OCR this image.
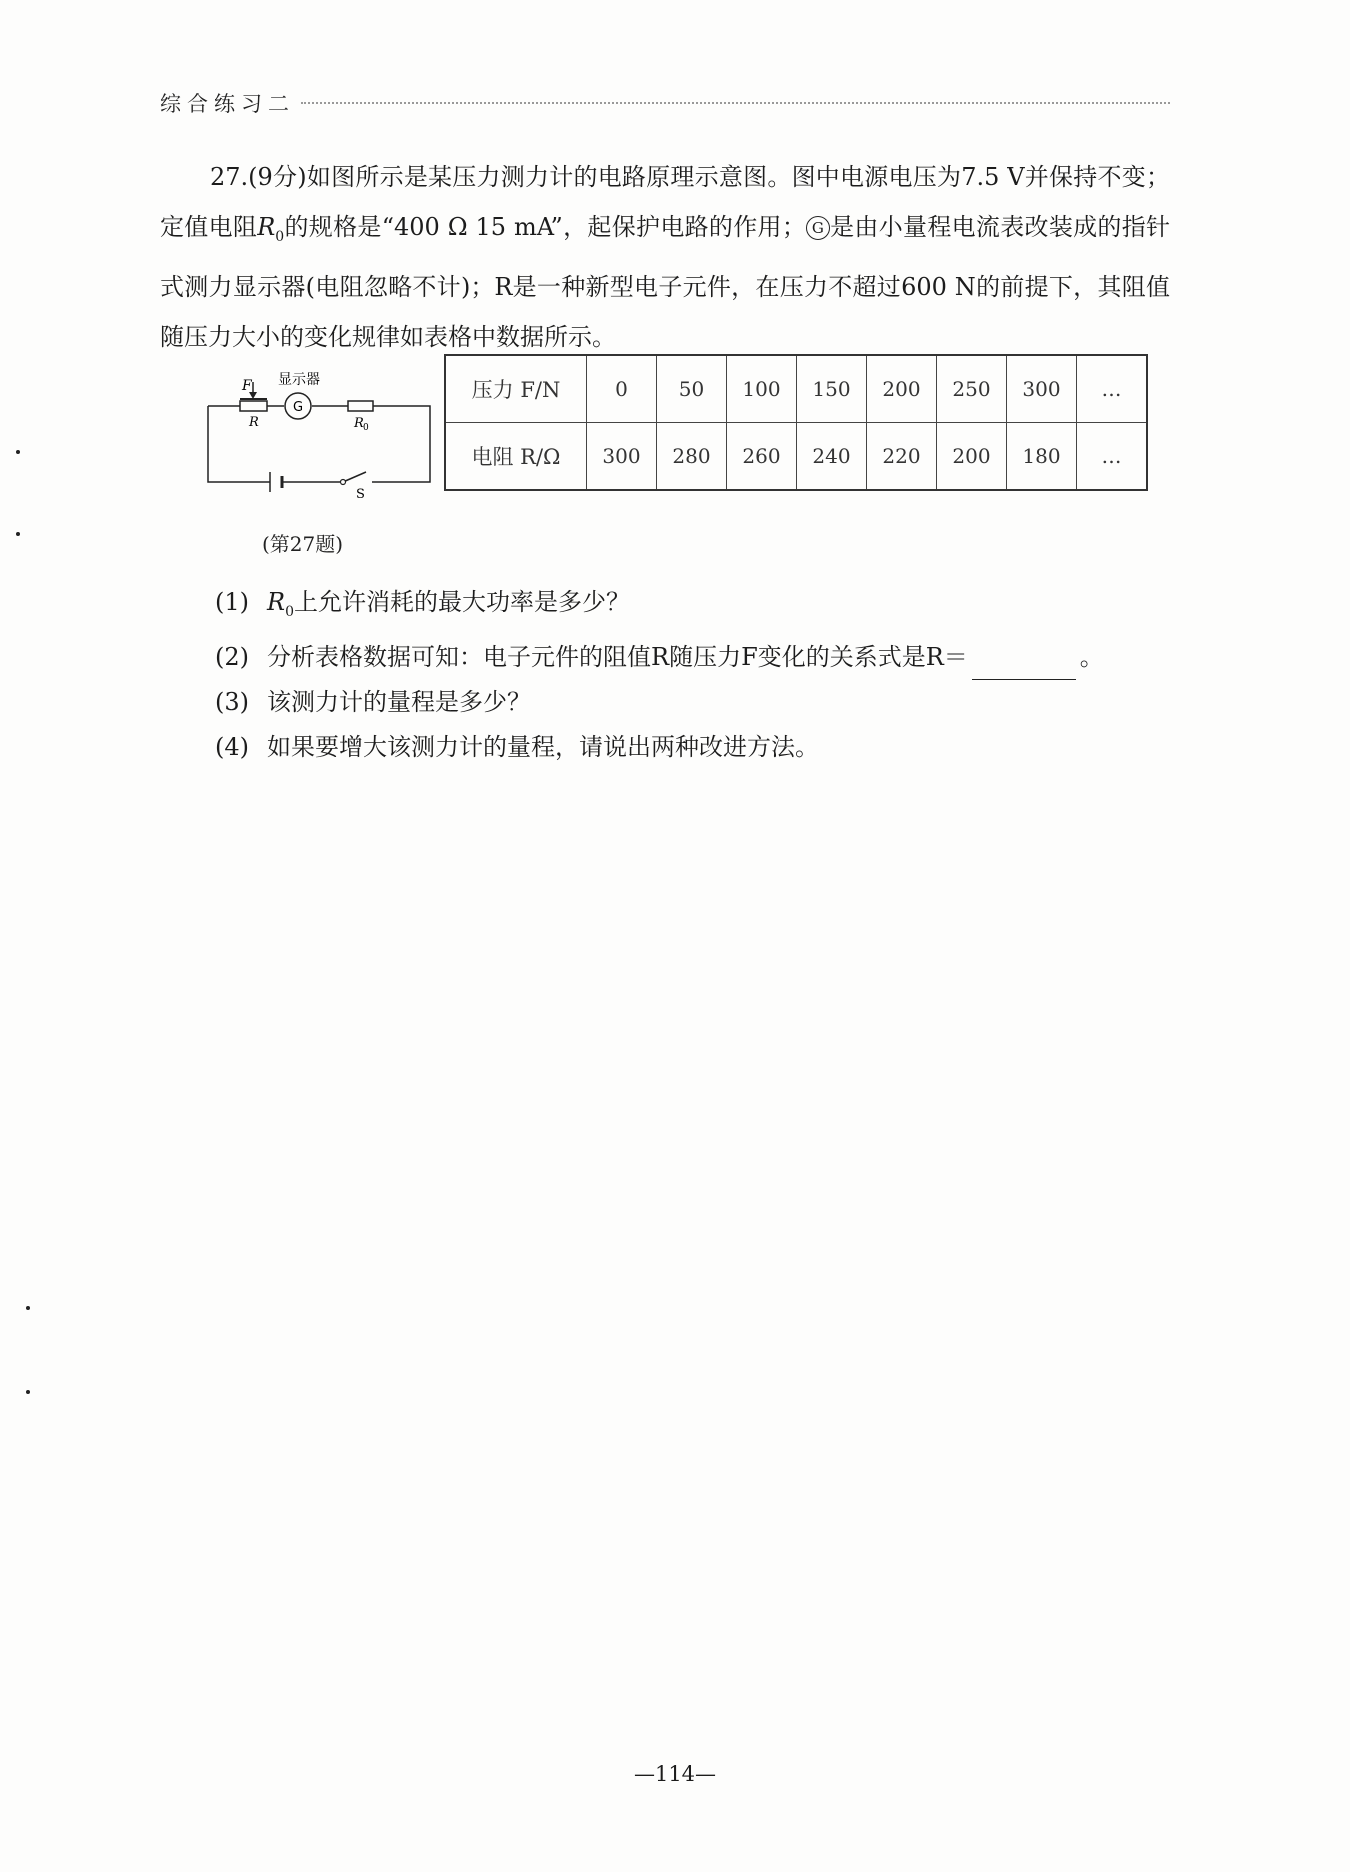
综合练习二

27.(9分)如图所示是某压力测力计的电路原理示意图。图中电源电压为7.5 V并保持不变；定值电阻$R_0$的规格是“400 Ω 15 mA”，起保护电路的作用； G 是由小量程电流表改装成的指针式测力显示器(电阻忽略不计)；R是一种新型电子元件，在压力不超过600 N的前提下，其阻值随压力大小的变化规律如表格中数据所示。

F 显示器
R
G
R 0
S
(第27题)
压力 F/N	0	50	100	150	200	250	300	…
电阻 R/Ω	300	280	260	240	220	200	180	…
(1) $R_0$上允许消耗的最大功率是多少？
(2) 分析表格数据可知：电子元件的阻值R随压力F变化的关系式是R＝	。
(3) 该测力计的量程是多少？
(4) 如果要增大该测力计的量程，请说出两种改进方法。
—114—
